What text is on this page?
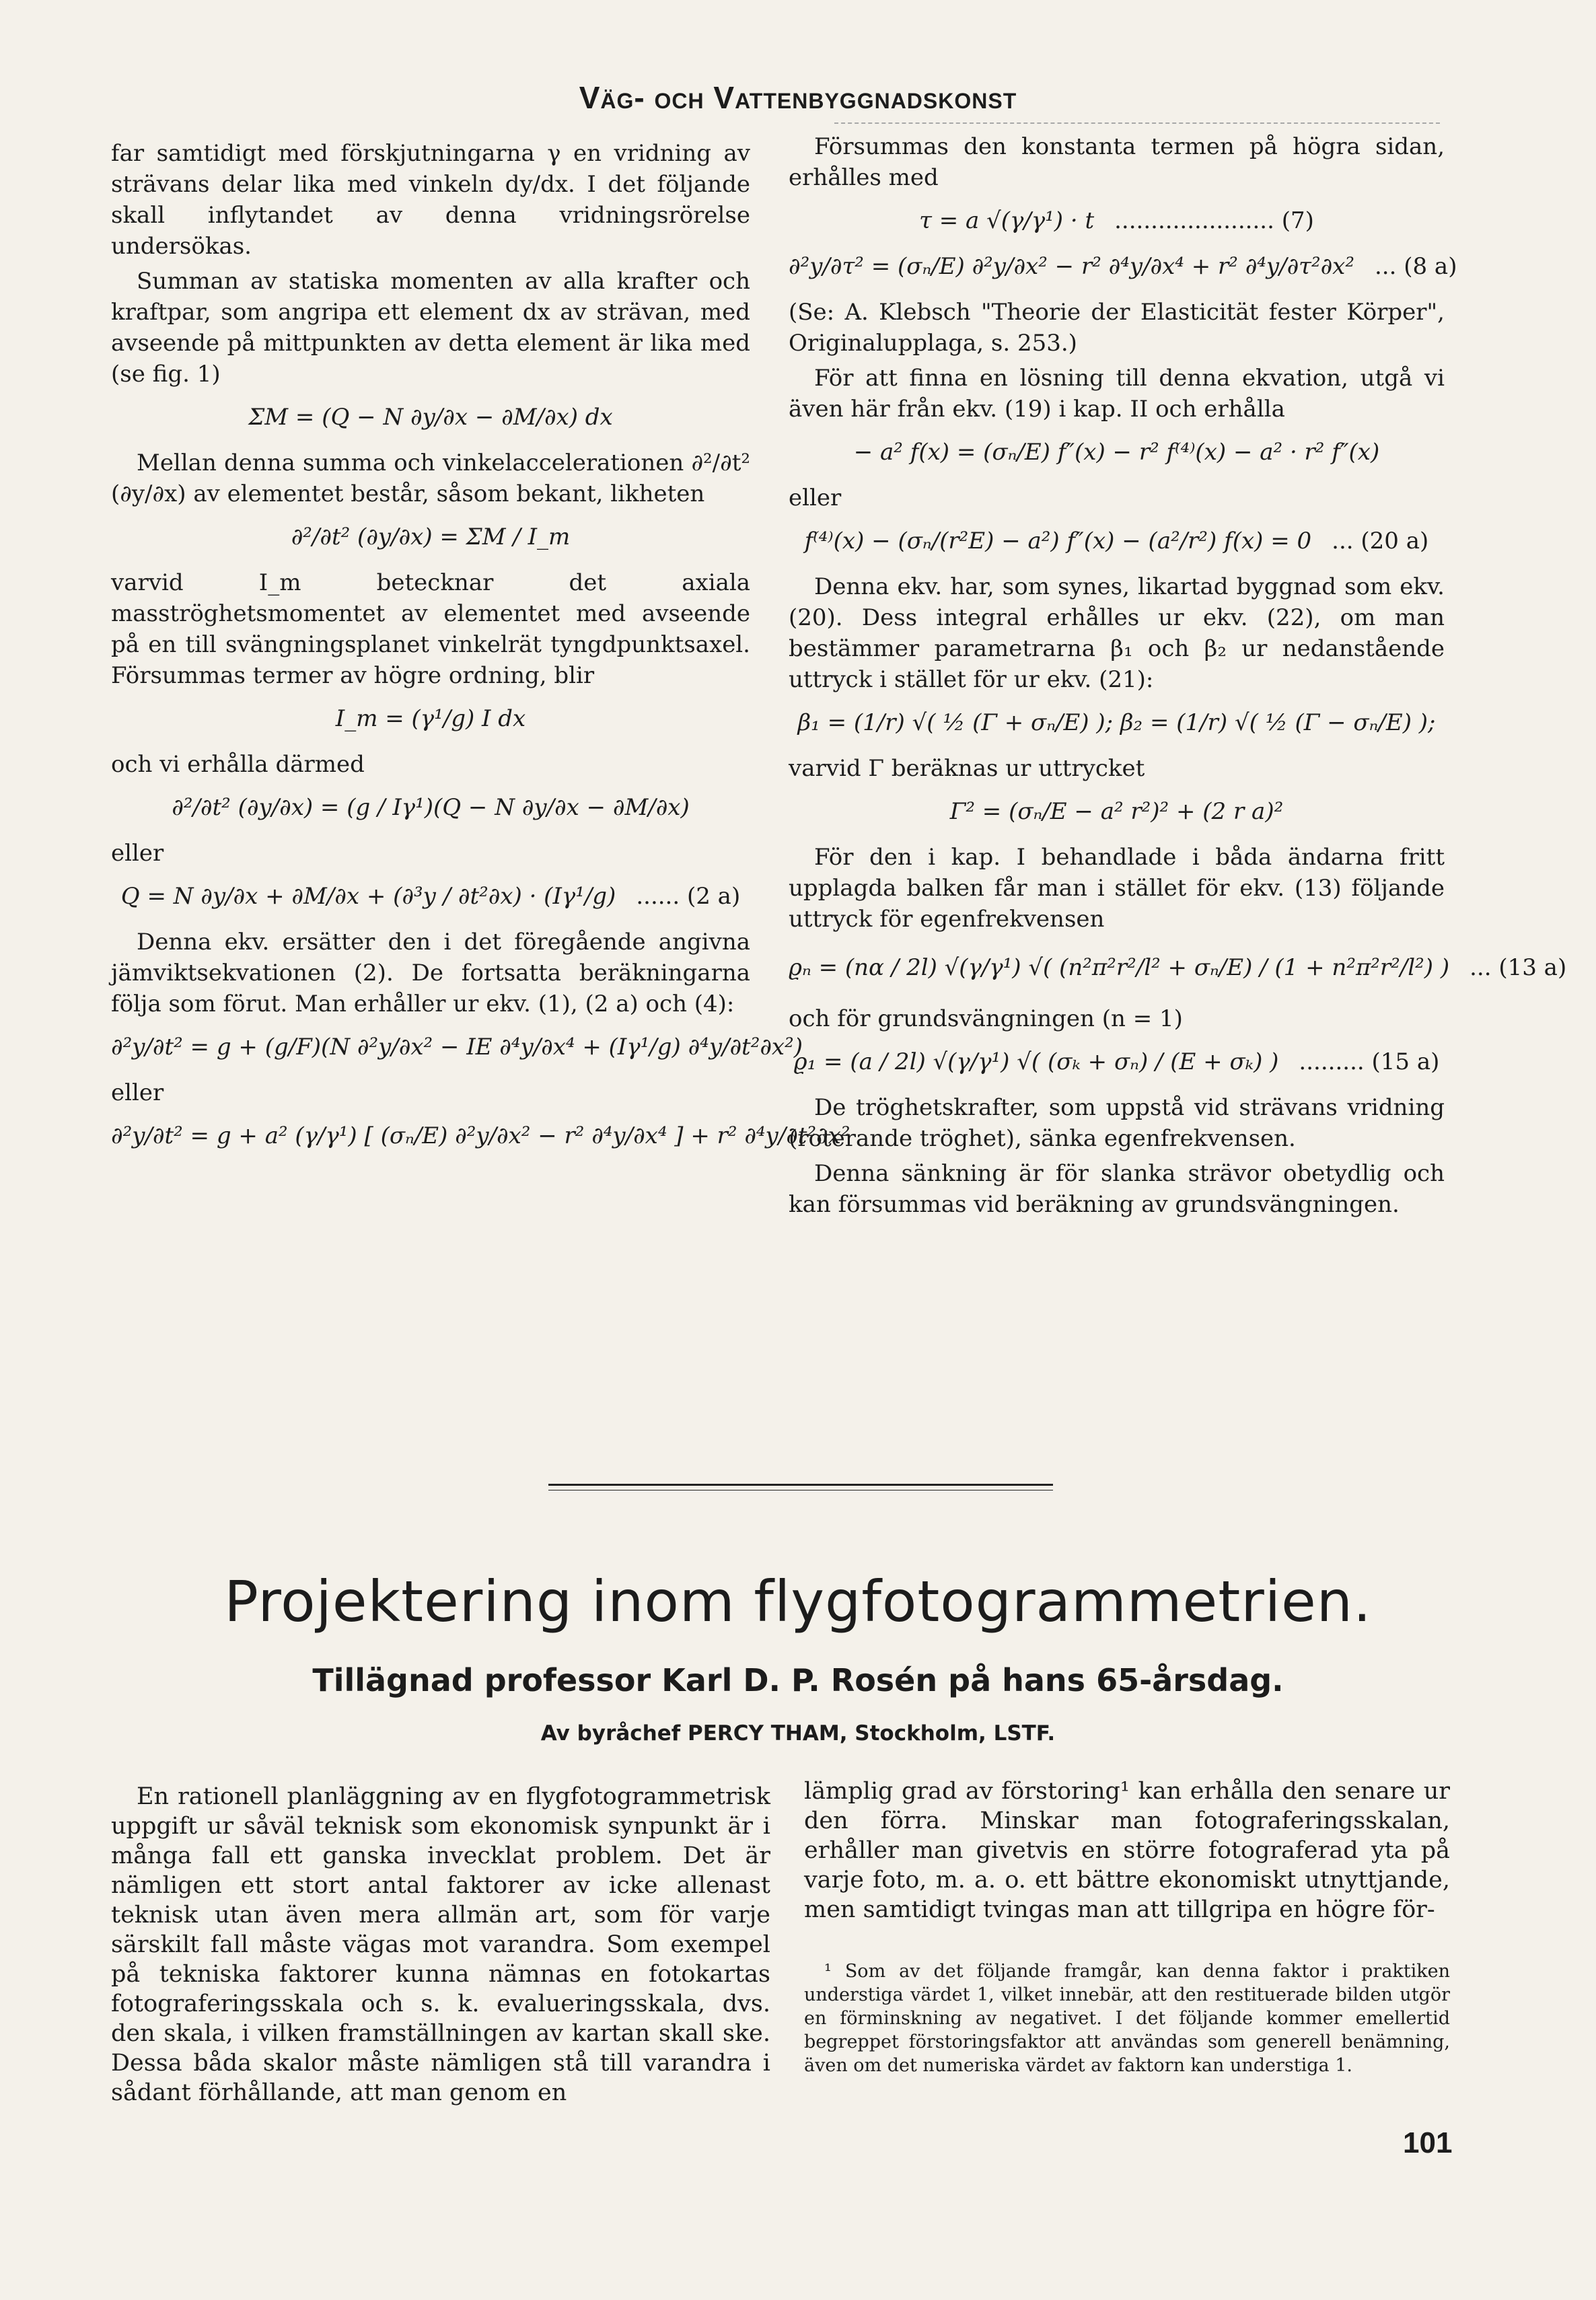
Väg- och Vattenbyggnadskonst
far samtidigt med förskjutningarna γ en vridning av strävans delar lika med vinkeln dy/dx. I det följande skall inflytandet av denna vridningsrörelse undersökas.
Summan av statiska momenten av alla krafter och kraftpar, som angripa ett element dx av strävan, med avseende på mittpunkten av detta element är lika med (se fig. 1)
ΣM = (Q − N ∂y/∂x − ∂M/∂x) dx
Mellan denna summa och vinkelaccelerationen ∂²/∂t² (∂y/∂x) av elementet består, såsom bekant, likheten
∂²/∂t² (∂y/∂x) = ΣM / I_m
varvid I_m betecknar det axiala masströghetsmomentet av elementet med avseende på en till svängningsplanet vinkelrät tyngdpunktsaxel. Försummas termer av högre ordning, blir
I_m = (γ¹/g) I dx
och vi erhålla därmed
∂²/∂t² (∂y/∂x) = (g / Iγ¹)(Q − N ∂y/∂x − ∂M/∂x)
eller
Q = N ∂y/∂x + ∂M/∂x + (∂³y / ∂t²∂x) · (Iγ¹/g) ...... (2 a)
Denna ekv. ersätter den i det föregående angivna jämviktsekvationen (2). De fortsatta beräkningarna följa som förut. Man erhåller ur ekv. (1), (2 a) och (4):
∂²y/∂t² = g + (g/F)(N ∂²y/∂x² − IE ∂⁴y/∂x⁴ + (Iγ¹/g) ∂⁴y/∂t²∂x²)
eller
∂²y/∂t² = g + a² (γ/γ¹) [ (σₙ/E) ∂²y/∂x² − r² ∂⁴y/∂x⁴ ] + r² ∂⁴y/∂t²∂x²
Försummas den konstanta termen på högra sidan, erhålles med
τ = a √(γ/γ¹) · t ...................... (7)
∂²y/∂τ² = (σₙ/E) ∂²y/∂x² − r² ∂⁴y/∂x⁴ + r² ∂⁴y/∂τ²∂x² ... (8 a)
(Se: A. Klebsch "Theorie der Elasticität fester Körper", Originalupplaga, s. 253.)
För att finna en lösning till denna ekvation, utgå vi även här från ekv. (19) i kap. II och erhålla
− a² f(x) = (σₙ/E) f″(x) − r² f⁽⁴⁾(x) − a² · r² f″(x)
eller
f⁽⁴⁾(x) − (σₙ/(r²E) − a²) f″(x) − (a²/r²) f(x) = 0 ... (20 a)
Denna ekv. har, som synes, likartad byggnad som ekv. (20). Dess integral erhålles ur ekv. (22), om man bestämmer parametrarna β₁ och β₂ ur nedanstående uttryck i stället för ur ekv. (21):
β₁ = (1/r) √( ½ (Γ + σₙ/E) ); β₂ = (1/r) √( ½ (Γ − σₙ/E) );
varvid Γ beräknas ur uttrycket
Γ² = (σₙ/E − a² r²)² + (2 r a)²
För den i kap. I behandlade i båda ändarna fritt upplagda balken får man i stället för ekv. (13) följande uttryck för egenfrekvensen
ϱₙ = (nα / 2l) √(γ/γ¹) √( (n²π²r²/l² + σₙ/E) / (1 + n²π²r²/l²) ) ... (13 a)
och för grundsvängningen (n = 1)
ϱ₁ = (a / 2l) √(γ/γ¹) √( (σₖ + σₙ) / (E + σₖ) ) ......... (15 a)
De tröghetskrafter, som uppstå vid strävans vridning (roterande tröghet), sänka egenfrekvensen.
Denna sänkning är för slanka strävor obetydlig och kan försummas vid beräkning av grundsvängningen.
Projektering inom flygfotogrammetrien.
Tillägnad professor Karl D. P. Rosén på hans 65-årsdag.
Av byråchef PERCY THAM, Stockholm, LSTF.
En rationell planläggning av en flygfotogrammetrisk uppgift ur såväl teknisk som ekonomisk synpunkt är i många fall ett ganska invecklat problem. Det är nämligen ett stort antal faktorer av icke allenast teknisk utan även mera allmän art, som för varje särskilt fall måste vägas mot varandra. Som exempel på tekniska faktorer kunna nämnas en fotokartas fotograferingsskala och s. k. evalueringsskala, dvs. den skala, i vilken framställningen av kartan skall ske. Dessa båda skalor måste nämligen stå till varandra i sådant förhållande, att man genom en
lämplig grad av förstoring¹ kan erhålla den senare ur den förra. Minskar man fotograferingsskalan, erhåller man givetvis en större fotograferad yta på varje foto, m. a. o. ett bättre ekonomiskt utnyttjande, men samtidigt tvingas man att tillgripa en högre för-
¹ Som av det följande framgår, kan denna faktor i praktiken understiga värdet 1, vilket innebär, att den restituerade bilden utgör en förminskning av negativet. I det följande kommer emellertid begreppet förstoringsfaktor att användas som generell benämning, även om det numeriska värdet av faktorn kan understiga 1.
101
